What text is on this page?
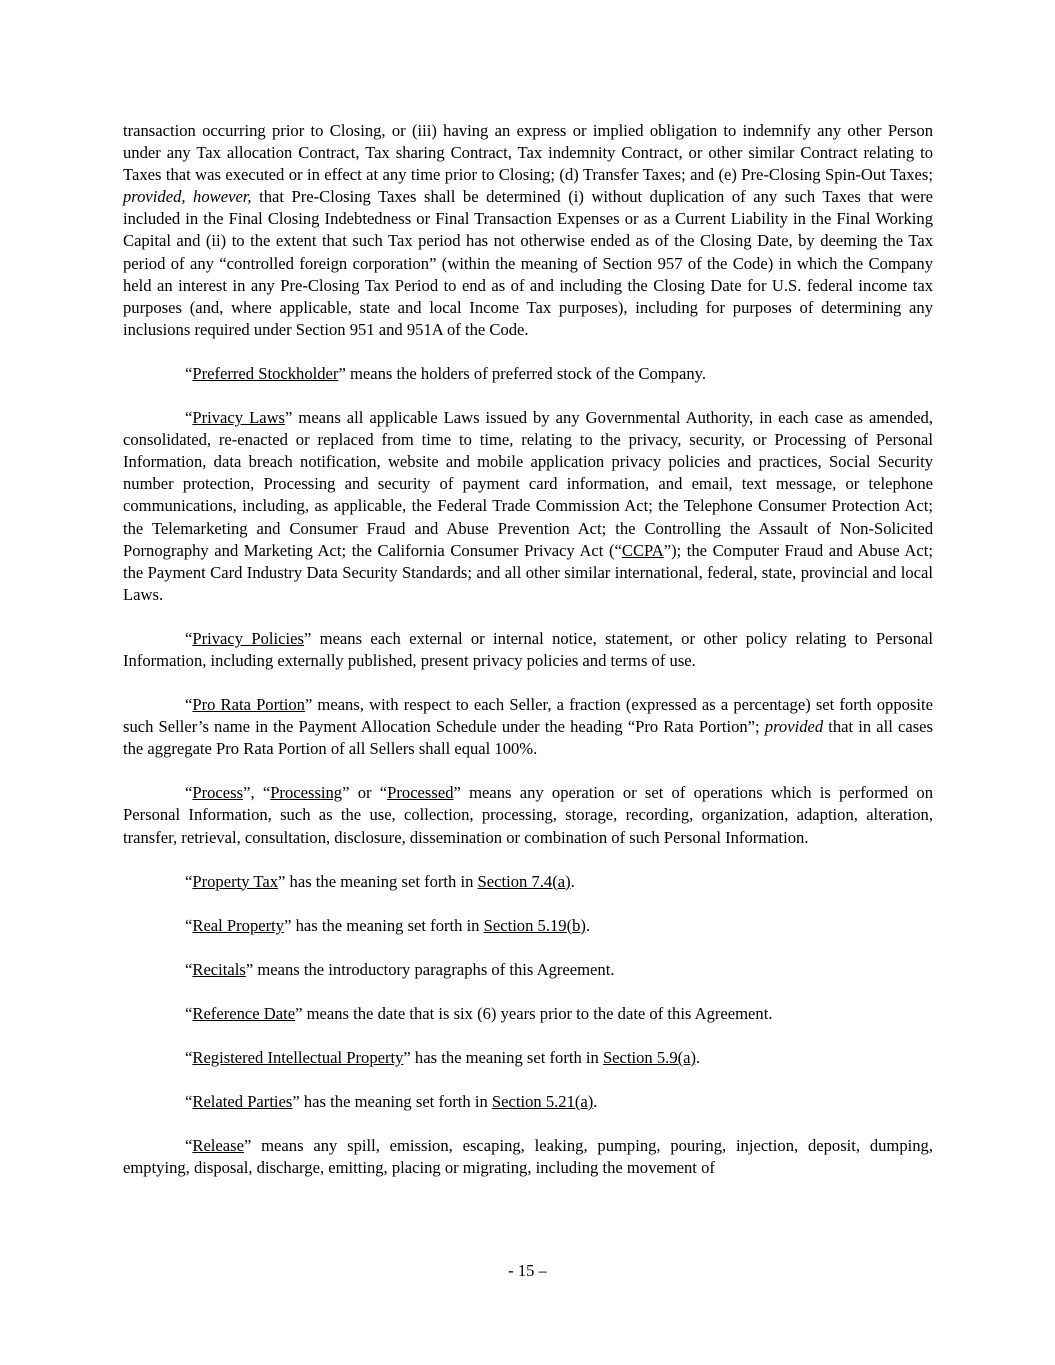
transaction occurring prior to Closing, or (iii) having an express or implied obligation to indemnify any other Person under any Tax allocation Contract, Tax sharing Contract, Tax indemnity Contract, or other similar Contract relating to Taxes that was executed or in effect at any time prior to Closing; (d) Transfer Taxes; and (e) Pre-Closing Spin-Out Taxes; provided, however, that Pre-Closing Taxes shall be determined (i) without duplication of any such Taxes that were included in the Final Closing Indebtedness or Final Transaction Expenses or as a Current Liability in the Final Working Capital and (ii) to the extent that such Tax period has not otherwise ended as of the Closing Date, by deeming the Tax period of any “controlled foreign corporation” (within the meaning of Section 957 of the Code) in which the Company held an interest in any Pre-Closing Tax Period to end as of and including the Closing Date for U.S. federal income tax purposes (and, where applicable, state and local Income Tax purposes), including for purposes of determining any inclusions required under Section 951 and 951A of the Code.

“Preferred Stockholder” means the holders of preferred stock of the Company.

“Privacy Laws” means all applicable Laws issued by any Governmental Authority, in each case as amended, consolidated, re-enacted or replaced from time to time, relating to the privacy, security, or Processing of Personal Information, data breach notification, website and mobile application privacy policies and practices, Social Security number protection, Processing and security of payment card information, and email, text message, or telephone communications, including, as applicable, the Federal Trade Commission Act; the Telephone Consumer Protection Act; the Telemarketing and Consumer Fraud and Abuse Prevention Act; the Controlling the Assault of Non-Solicited Pornography and Marketing Act; the California Consumer Privacy Act (“CCPA”); the Computer Fraud and Abuse Act; the Payment Card Industry Data Security Standards; and all other similar international, federal, state, provincial and local Laws.

“Privacy Policies” means each external or internal notice, statement, or other policy relating to Personal Information, including externally published, present privacy policies and terms of use.

“Pro Rata Portion” means, with respect to each Seller, a fraction (expressed as a percentage) set forth opposite such Seller’s name in the Payment Allocation Schedule under the heading “Pro Rata Portion”; provided that in all cases the aggregate Pro Rata Portion of all Sellers shall equal 100%.

“Process”, “Processing” or “Processed” means any operation or set of operations which is performed on Personal Information, such as the use, collection, processing, storage, recording, organization, adaption, alteration, transfer, retrieval, consultation, disclosure, dissemination or combination of such Personal Information.

“Property Tax” has the meaning set forth in Section 7.4(a).

“Real Property” has the meaning set forth in Section 5.19(b).

“Recitals” means the introductory paragraphs of this Agreement.

“Reference Date” means the date that is six (6) years prior to the date of this Agreement.

“Registered Intellectual Property” has the meaning set forth in Section 5.9(a).

“Related Parties” has the meaning set forth in Section 5.21(a).

“Release” means any spill, emission, escaping, leaking, pumping, pouring, injection, deposit, dumping, emptying, disposal, discharge, emitting, placing or migrating, including the movement of

- 15 –
